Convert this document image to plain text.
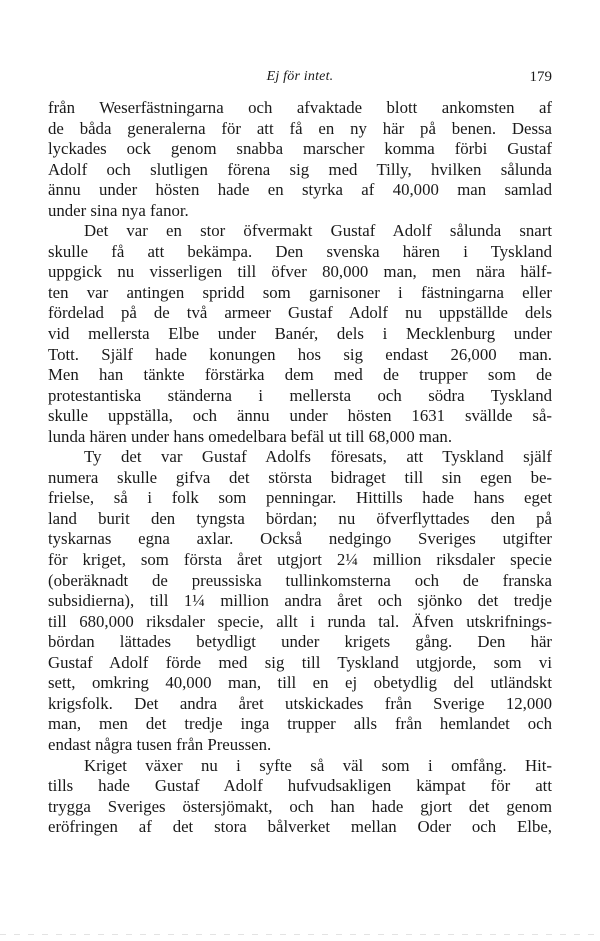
Ej för intet.	179
från Weserfästningarna och afvaktade blott ankomsten af
de båda generalerna för att få en ny här på benen. Dessa
lyckades ock genom snabba marscher komma förbi Gustaf
Adolf och slutligen förena sig med Tilly, hvilken sålunda
ännu under hösten hade en styrka af 40,000 man samlad
under sina nya fanor.
Det var en stor öfvermakt Gustaf Adolf sålunda snart
skulle få att bekämpa. Den svenska hären i Tyskland
uppgick nu visserligen till öfver 80,000 man, men nära hälf-
ten var antingen spridd som garnisoner i fästningarna eller
fördelad på de två armeer Gustaf Adolf nu uppställde dels
vid mellersta Elbe under Banér, dels i Mecklenburg under
Tott. Själf hade konungen hos sig endast 26,000 man.
Men han tänkte förstärka dem med de trupper som de
protestantiska ständerna i mellersta och södra Tyskland
skulle uppställa, och ännu under hösten 1631 svällde så-
lunda hären under hans omedelbara befäl ut till 68,000 man.
Ty det var Gustaf Adolfs föresats, att Tyskland själf
numera skulle gifva det största bidraget till sin egen be-
frielse, så i folk som penningar. Hittills hade hans eget
land burit den tyngsta bördan; nu öfverflyttades den på
tyskarnas egna axlar. Också nedgingo Sveriges utgifter
för kriget, som första året utgjort 2¼ million riksdaler specie
(oberäknadt de preussiska tullinkomsterna och de franska
subsidierna), till 1¼ million andra året och sjönko det tredje
till 680,000 riksdaler specie, allt i runda tal. Äfven utskrifnings-
bördan lättades betydligt under krigets gång. Den här
Gustaf Adolf förde med sig till Tyskland utgjorde, som vi
sett, omkring 40,000 man, till en ej obetydlig del utländskt
krigsfolk. Det andra året utskickades från Sverige 12,000
man, men det tredje inga trupper alls från hemlandet och
endast några tusen från Preussen.
Kriget växer nu i syfte så väl som i omfång. Hit-
tills hade Gustaf Adolf hufvudsakligen kämpat för att
trygga Sveriges östersjömakt, och han hade gjort det genom
eröfringen af det stora bålverket mellan Oder och Elbe,
